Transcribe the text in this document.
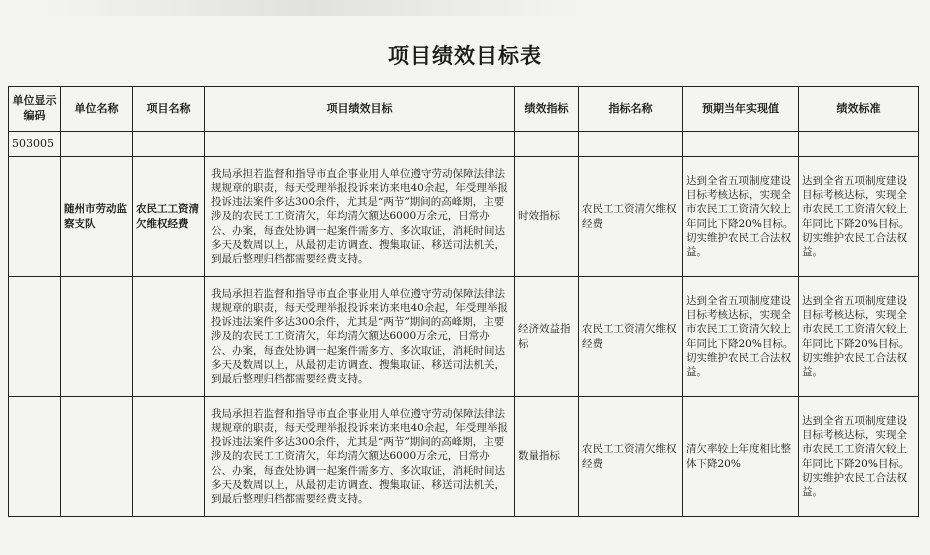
项目绩效目标表
单位显示编码	单位名称	项目名称	项目绩效目标	绩效指标	指标名称	预期当年实现值	绩效标准
503005							
	随州市劳动监察支队	农民工工资清欠维权经费	我局承担若监督和指导市直企事业用人单位遵守劳动保障法律法规规章的职责，每天受理举报投诉来访来电40余起，年受理举报投诉违法案件多达300余件，尤其是“两节”期间的高峰期，主要涉及的农民工工资清欠，年均清欠额达6000万余元，日常办公、办案，每查处协调一起案件需多方、多次取证，消耗时间达多天及数周以上，从最初走访调查、搜集取证、移送司法机关，到最后整理归档都需要经费支持。	时效指标	农民工工资清欠维权经费	达到全省五项制度建设目标考核达标，实现全市农民工工资清欠较上年同比下降20%目标。切实维护农民工合法权益。	达到全省五项制度建设目标考核达标，实现全市农民工工资清欠较上年同比下降20%目标。切实维护农民工合法权益。
			我局承担若监督和指导市直企事业用人单位遵守劳动保障法律法规规章的职责，每天受理举报投诉来访来电40余起，年受理举报投诉违法案件多达300余件，尤其是“两节”期间的高峰期，主要涉及的农民工工资清欠，年均清欠额达6000万余元，日常办公、办案，每查处协调一起案件需多方、多次取证，消耗时间达多天及数周以上，从最初走访调查、搜集取证、移送司法机关，到最后整理归档都需要经费支持。	经济效益指标	农民工工资清欠维权经费	达到全省五项制度建设目标考核达标，实现全市农民工工资清欠较上年同比下降20%目标。切实维护农民工合法权益。	达到全省五项制度建设目标考核达标，实现全市农民工工资清欠较上年同比下降20%目标。切实维护农民工合法权益。
			我局承担若监督和指导市直企事业用人单位遵守劳动保障法律法规规章的职责，每天受理举报投诉来访来电40余起，年受理举报投诉违法案件多达300余件，尤其是“两节”期间的高峰期，主要涉及的农民工工资清欠，年均清欠额达6000万余元，日常办公、办案，每查处协调一起案件需多方、多次取证，消耗时间达多天及数周以上，从最初走访调查、搜集取证、移送司法机关，到最后整理归档都需要经费支持。	数量指标	农民工工资清欠维权经费	清欠率较上年度相比整体下降20%	达到全省五项制度建设目标考核达标，实现全市农民工工资清欠较上年同比下降20%目标。切实维护农民工合法权益。
